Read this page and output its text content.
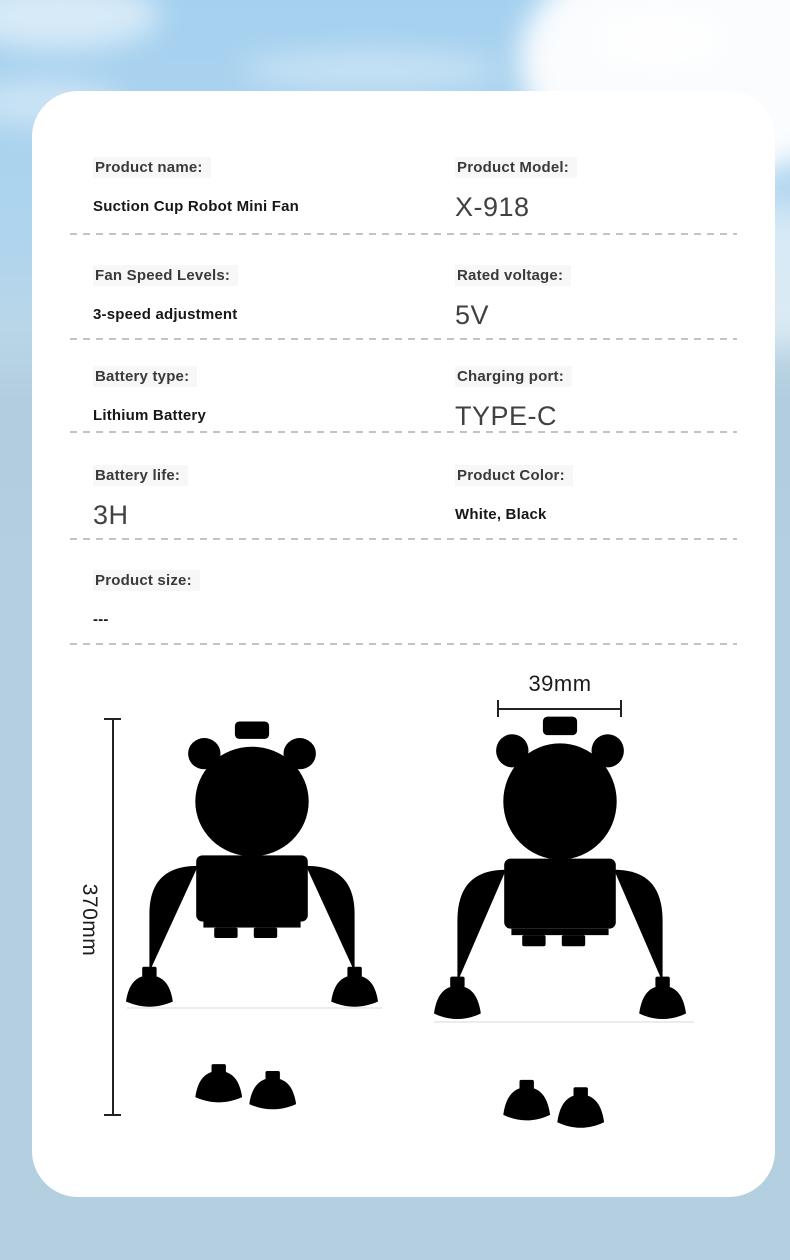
Product name:
Suction Cup Robot Mini Fan
Product Model:
X-918
Fan Speed Levels:
3-speed adjustment
Rated voltage:
5V
Battery type:
Lithium Battery
Charging port:
TYPE-C
Battery life:
3H
Product Color:
White, Black
Product size:
---
370mm
39mm
